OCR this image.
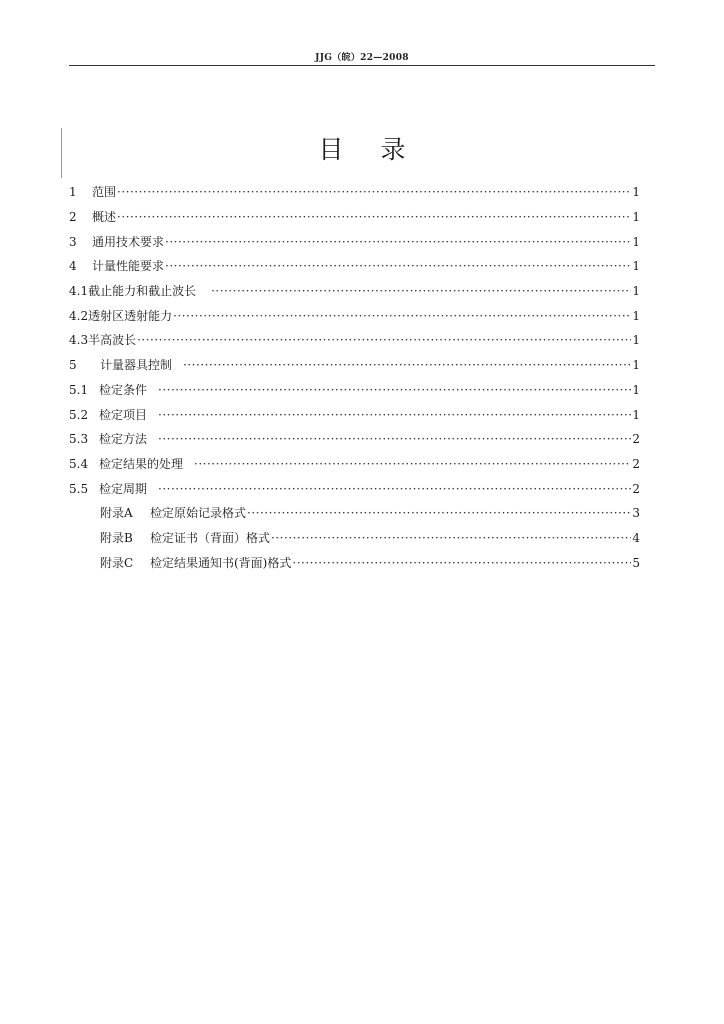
JJG（皖）22—2008
目录
1	范围 ·····	1
2	概述 ·····	1
3	通用技术要求 ·····	1
4	计量性能要求 ·····	1
4.1 截止能力和截止波长 ·····	1
4.2 透射区透射能力 ·····	1
4.3 半高波长 ·····	1
5	计量器具控制 ·····	1
5.1 检定条件 ·····	1
5.2 检定项目 ·····	1
5.3 检定方法 ·····	2
5.4 检定结果的处理 ·····	2
5.5 检定周期 ·····	2
附录A	检定原始记录格式 ·····	3
附录B	检定证书（背面）格式 ·····	4
附录C	检定结果通知书(背面)格式 ·····	5
